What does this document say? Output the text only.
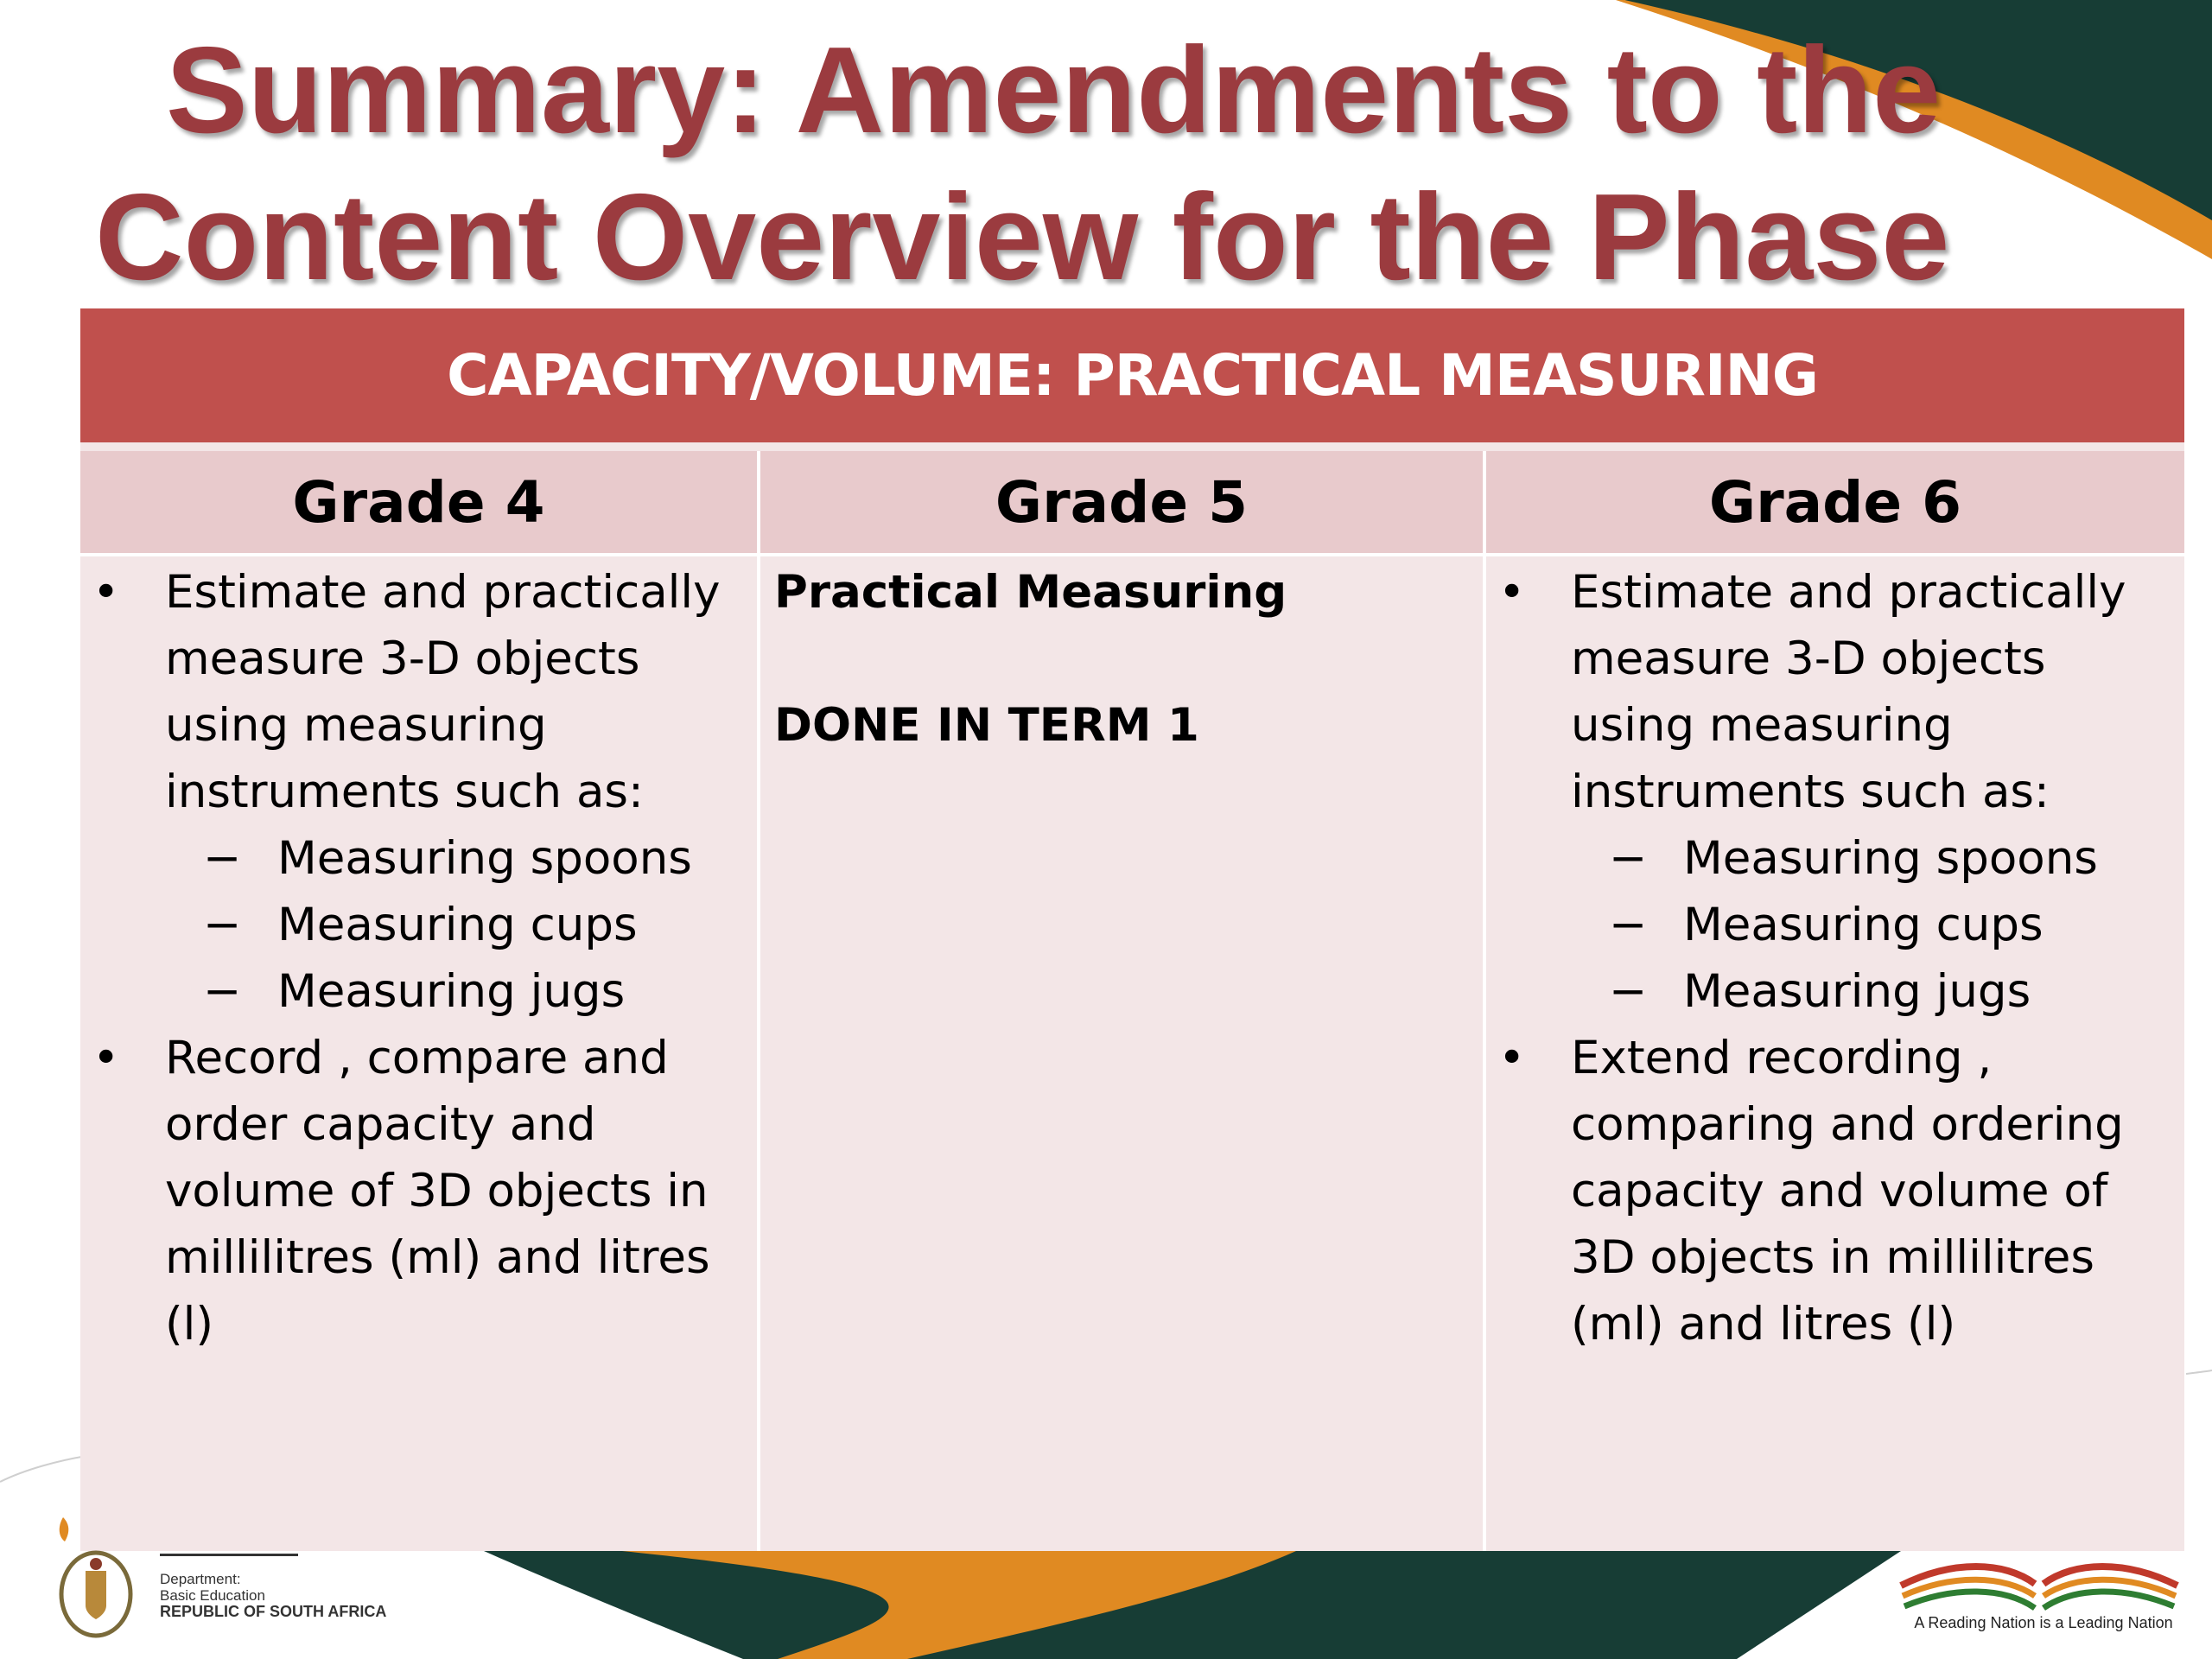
Summary: Amendments to the
Content Overview for the Phase
CAPACITY/VOLUME: PRACTICAL MEASURING
Grade 4	Grade 5	Grade 6
• Estimate and practically measure 3-D objects using measuring instruments such as:
− Measuring spoons
− Measuring cups
− Measuring jugs
• Record , compare and order capacity and volume of 3D objects in millilitres (ml) and litres (l)
Practical Measuring
DONE IN TERM 1
• Estimate and practically measure 3-D objects using measuring instruments such as:
− Measuring spoons
− Measuring cups
− Measuring jugs
• Extend recording , comparing and ordering capacity and volume of 3D objects in millilitres (ml) and litres (l)
Department:
Basic Education
REPUBLIC OF SOUTH AFRICA
A Reading Nation is a Leading Nation
